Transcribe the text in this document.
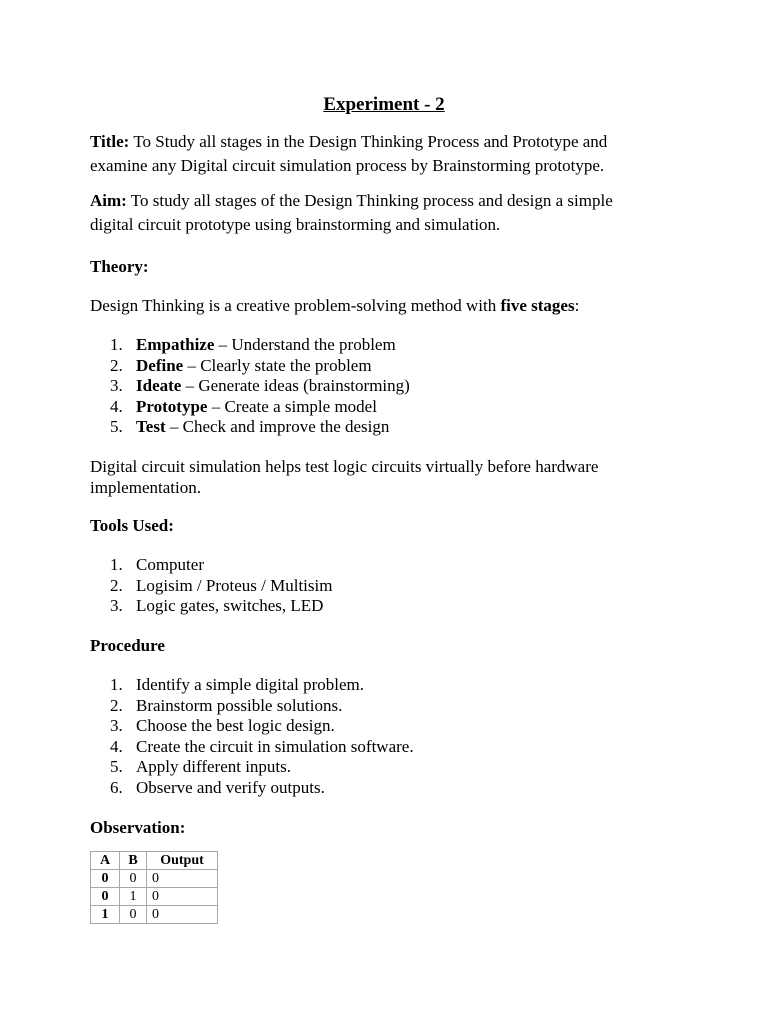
Experiment - 2

Title: To Study all stages in the Design Thinking Process and Prototype and examine any Digital circuit simulation process by Brainstorming prototype.

Aim: To study all stages of the Design Thinking process and design a simple digital circuit prototype using brainstorming and simulation.

Theory:

Design Thinking is a creative problem-solving method with five stages:

1. Empathize – Understand the problem
2. Define – Clearly state the problem
3. Ideate – Generate ideas (brainstorming)
4. Prototype – Create a simple model
5. Test – Check and improve the design

Digital circuit simulation helps test logic circuits virtually before hardware implementation.

Tools Used:
1. Computer
2. Logisim / Proteus / Multisim
3. Logic gates, switches, LED
Procedure
1. Identify a simple digital problem.
2. Brainstorm possible solutions.
3. Choose the best logic design.
4. Create the circuit in simulation software.
5. Apply different inputs.
6. Observe and verify outputs.
Observation:
A	B	Output
0	0	0
0	1	0
1	0	0
